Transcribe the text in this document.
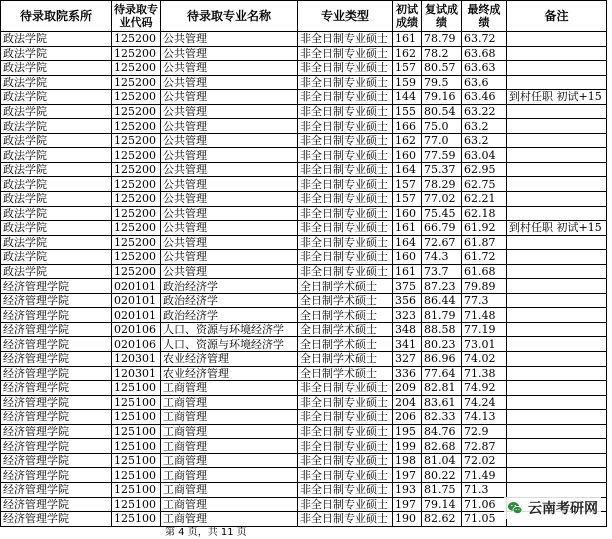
待录取院系所	待录取专业代码	待录取专业名称	专业类型	初试成绩	复试成绩	最终成绩	备注
政法学院	125200	公共管理	非全日制专业硕士	161	78.79	63.72	
政法学院	125200	公共管理	非全日制专业硕士	162	78.2	63.68	
政法学院	125200	公共管理	非全日制专业硕士	157	80.57	63.63	
政法学院	125200	公共管理	非全日制专业硕士	159	79.5	63.6	
政法学院	125200	公共管理	非全日制专业硕士	144	79.16	63.46	到村任职 初试+15
政法学院	125200	公共管理	非全日制专业硕士	155	80.54	63.22	
政法学院	125200	公共管理	非全日制专业硕士	166	75.0	63.2	
政法学院	125200	公共管理	非全日制专业硕士	162	77.0	63.2	
政法学院	125200	公共管理	非全日制专业硕士	160	77.59	63.04	
政法学院	125200	公共管理	非全日制专业硕士	164	75.37	62.95	
政法学院	125200	公共管理	非全日制专业硕士	157	78.29	62.75	
政法学院	125200	公共管理	非全日制专业硕士	157	77.02	62.21	
政法学院	125200	公共管理	非全日制专业硕士	160	75.45	62.18	
政法学院	125200	公共管理	非全日制专业硕士	161	66.79	61.92	到村任职 初试+15
政法学院	125200	公共管理	非全日制专业硕士	164	72.67	61.87	
政法学院	125200	公共管理	非全日制专业硕士	160	74.3	61.72	
政法学院	125200	公共管理	非全日制专业硕士	161	73.7	61.68	
经济管理学院	020101	政治经济学	全日制学术硕士	375	87.23	79.89	
经济管理学院	020101	政治经济学	全日制学术硕士	356	86.44	77.3	
经济管理学院	020101	政治经济学	全日制学术硕士	323	81.79	71.48	
经济管理学院	020106	人口、资源与环境经济学	全日制学术硕士	348	88.58	77.19	
经济管理学院	020106	人口、资源与环境经济学	全日制学术硕士	341	80.23	73.01	
经济管理学院	120301	农业经济管理	全日制学术硕士	327	86.96	74.02	
经济管理学院	120301	农业经济管理	全日制学术硕士	336	77.64	71.38	
经济管理学院	125100	工商管理	非全日制专业硕士	209	82.81	74.92	
经济管理学院	125100	工商管理	非全日制专业硕士	204	83.61	74.24	
经济管理学院	125100	工商管理	非全日制专业硕士	206	82.33	74.13	
经济管理学院	125100	工商管理	非全日制专业硕士	195	84.76	72.9	
经济管理学院	125100	工商管理	非全日制专业硕士	199	82.68	72.87	
经济管理学院	125100	工商管理	非全日制专业硕士	198	81.04	72.02	
经济管理学院	125100	工商管理	非全日制专业硕士	197	80.22	71.49	
经济管理学院	125100	工商管理	非全日制专业硕士	193	81.75	71.3	
经济管理学院	125100	工商管理	非全日制专业硕士	197	79.14	71.06	
经济管理学院	125100	工商管理	非全日制专业硕士	190	82.62	71.05	
第 4 页，共 11 页
云南考研网
